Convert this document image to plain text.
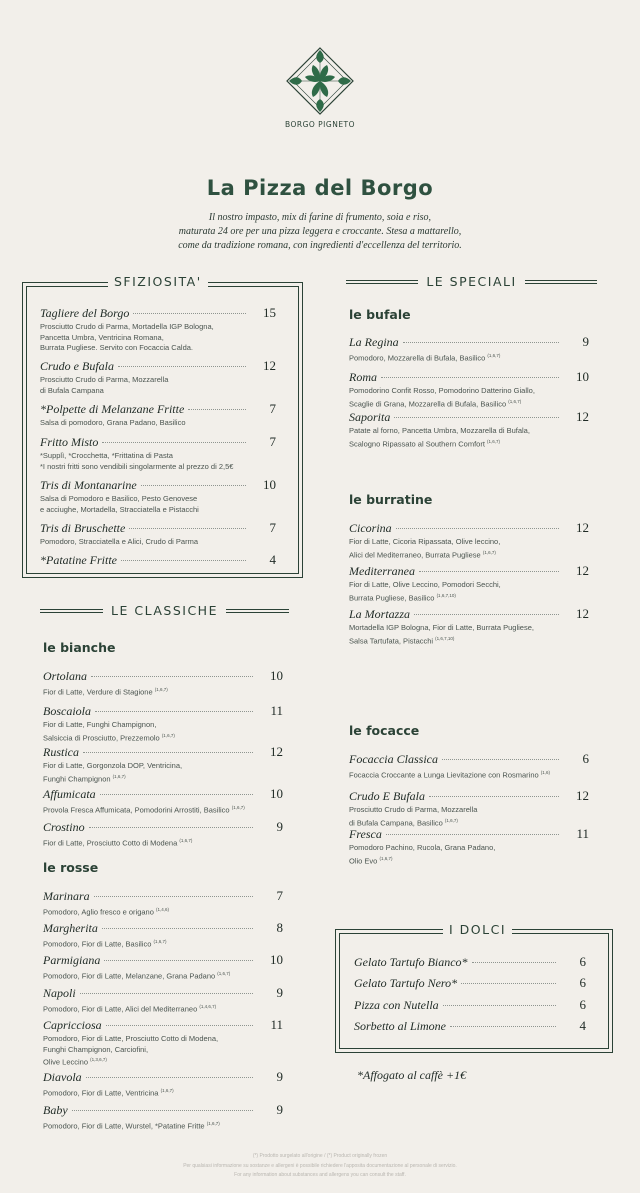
BORGO PIGNETO
La Pizza del Borgo
Il nostro impasto, mix di farine di frumento, soia e riso,
maturata 24 ore per una pizza leggera e croccante. Stesa a mattarello,
come da tradizione romana, con ingredienti d'eccellenza del territorio.
SFIZIOSITA'
Tagliere del Borgo	15
Prosciutto Crudo di Parma, Mortadella IGP Bologna,
Pancetta Umbra, Ventricina Romana,
Burrata Pugliese. Servito con Focaccia Calda.
Crudo e Bufala	12
Prosciutto Crudo di Parma, Mozzarella
di Bufala Campana
*Polpette di Melanzane Fritte	7
Salsa di pomodoro, Grana Padano, Basilico
Fritto Misto	7
*Supplì, *Crocchetta, *Frittatina di Pasta
*I nostri fritti sono vendibili singolarmente al prezzo di 2,5€
Tris di Montanarine	10
Salsa di Pomodoro e Basilico, Pesto Genovese
e acciughe, Mortadella, Stracciatella e Pistacchi
Tris di Bruschette	7
Pomodoro, Stracciatella e Alici, Crudo di Parma
*Patatine Fritte	4
LE CLASSICHE
le bianche
le rosse
Ortolana	10
Fior di Latte, Verdure di Stagione $^{(1,6,7)}$
Boscaiola	11
Fior di Latte, Funghi Champignon,
Salsiccia di Prosciutto, Prezzemolo $^{(1,6,7)}$
Rustica	12
Fior di Latte, Gorgonzola DOP, Ventricina,
Funghi Champignon $^{(1,6,7)}$
Affumicata	10
Provola Fresca Affumicata, Pomodorini Arrostiti, Basilico $^{(1,6,7)}$
Crostino	9
Fior di Latte, Prosciutto Cotto di Modena $^{(1,6,7)}$
Marinara	7
Pomodoro, Aglio fresco e origano $^{(1,4,6)}$
Margherita	8
Pomodoro, Fior di Latte, Basilico $^{(1,6,7)}$
Parmigiana	10
Pomodoro, Fior di Latte, Melanzane, Grana Padano $^{(1,6,7)}$
Napoli	9
Pomodoro, Fior di Latte, Alici del Mediterraneo $^{(1,4,6,7)}$
Capricciosa	11
Pomodoro, Fior di Latte, Prosciutto Cotto di Modena,
Funghi Champignon, Carciofini,
Olive Leccino $^{(1,3,6,7)}$
Diavola	9
Pomodoro, Fior di Latte, Ventricina $^{(1,6,7)}$
Baby	9
Pomodoro, Fior di Latte, Wurstel, *Patatine Fritte $^{(1,6,7)}$
LE SPECIALI
le bufale
le burratine
le focacce
La Regina	9
Pomodoro, Mozzarella di Bufala, Basilico $^{(1,6,7)}$
Roma	10
Pomodorino Confit Rosso, Pomodorino Datterino Giallo,
Scaglie di Grana, Mozzarella di Bufala, Basilico $^{(1,6,7)}$
Saporita	12
Patate al forno, Pancetta Umbra, Mozzarella di Bufala,
Scalogno Ripassato al Southern Comfort $^{(1,6,7)}$
Cicorina	12
Fior di Latte, Cicoria Ripassata, Olive leccino,
Alici del Mediterraneo, Burrata Pugliese $^{(1,6,7)}$
Mediterranea	12
Fior di Latte, Olive Leccino, Pomodori Secchi,
Burrata Pugliese, Basilico $^{(1,6,7,10)}$
La Mortazza	12
Mortadella IGP Bologna, Fior di Latte, Burrata Pugliese,
Salsa Tartufata, Pistacchi $^{(1,6,7,10)}$
Focaccia Classica	6
Focaccia Croccante a Lunga Lievitazione con Rosmarino $^{(1,6)}$
Crudo E Bufala	12
Prosciutto Crudo di Parma, Mozzarella
di Bufala Campana, Basilico $^{(1,6,7)}$
Fresca	11
Pomodoro Pachino, Rucola, Grana Padano,
Olio Evo $^{(1,6,7)}$
I DOLCI
Gelato Tartufo Bianco*	6
Gelato Tartufo Nero*	6
Pizza con Nutella	6
Sorbetto al Limone	4
*Affogato al caffè +1€
(*) Prodotto surgelato all'origine / (*) Product originally frozen
Per qualsiasi informazione su sostanze e allergeni è possibile richiedere l'apposita documentazione al personale di servizio.
For any information about substances and allergens you can consult the staff.
